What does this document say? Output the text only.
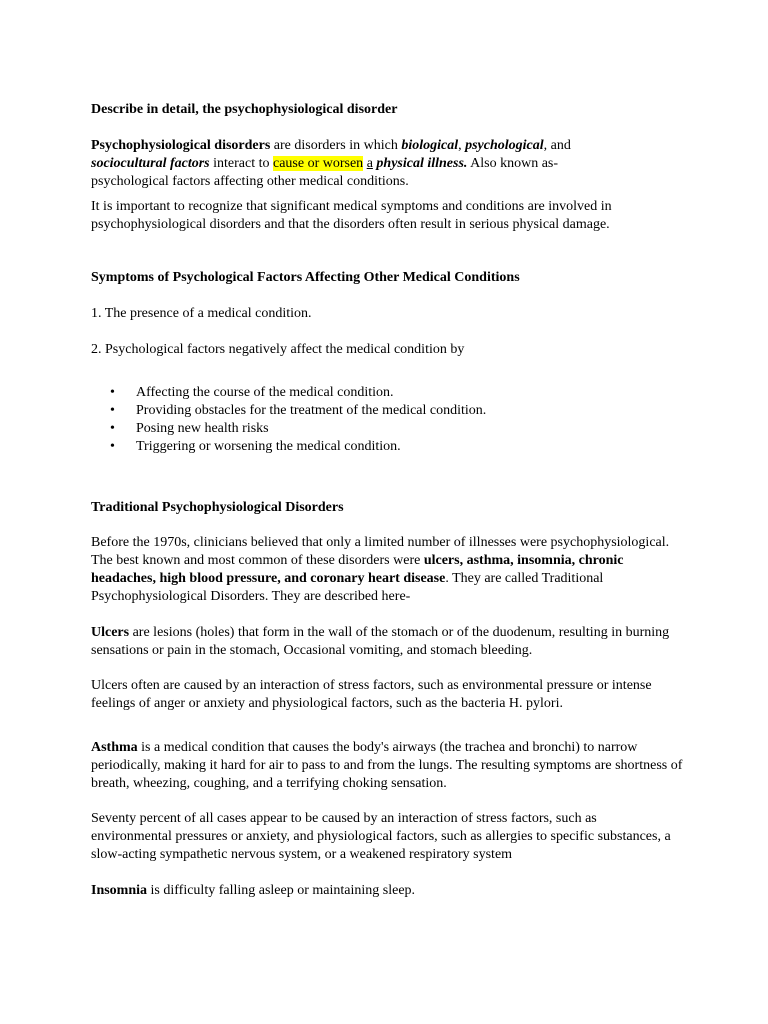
Describe in detail, the psychophysiological disorder

Psychophysiological disorders are disorders in which biological, psychological, and
sociocultural factors interact to cause or worsen a physical illness. Also known as-
psychological factors affecting other medical conditions.

It is important to recognize that significant medical symptoms and conditions are involved in psychophysiological disorders and that the disorders often result in serious physical damage.

Symptoms of Psychological Factors Affecting Other Medical Conditions

1. The presence of a medical condition.

2. Psychological factors negatively affect the medical condition by

• Affecting the course of the medical condition.
• Providing obstacles for the treatment of the medical condition.
• Posing new health risks
• Triggering or worsening the medical condition.

Traditional Psychophysiological Disorders

Before the 1970s, clinicians believed that only a limited number of illnesses were psychophysiological. The best known and most common of these disorders were ulcers, asthma, insomnia, chronic headaches, high blood pressure, and coronary heart disease. They are called Traditional Psychophysiological Disorders. They are described here-

Ulcers are lesions (holes) that form in the wall of the stomach or of the duodenum, resulting in burning sensations or pain in the stomach, Occasional vomiting, and stomach bleeding.

Ulcers often are caused by an interaction of stress factors, such as environmental pressure or intense feelings of anger or anxiety and physiological factors, such as the bacteria H. pylori.

Asthma is a medical condition that causes the body's airways (the trachea and bronchi) to narrow periodically, making it hard for air to pass to and from the lungs. The resulting symptoms are shortness of breath, wheezing, coughing, and a terrifying choking sensation.

Seventy percent of all cases appear to be caused by an interaction of stress factors, such as environmental pressures or anxiety, and physiological factors, such as allergies to specific substances, a slow-acting sympathetic nervous system, or a weakened respiratory system

Insomnia is difficulty falling asleep or maintaining sleep.
